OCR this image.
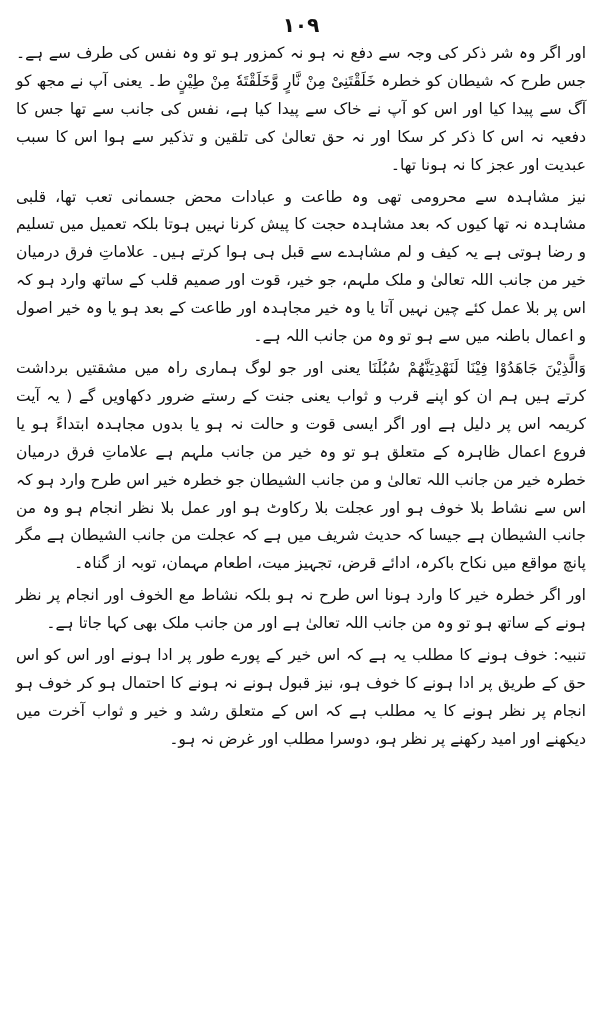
۱۰۹

اور اگر وہ شر ذکر کی وجہ سے دفع نہ ہو نہ کمزور ہو تو وہ نفس کی طرف سے ہے۔ جس طرح کہ شیطان کو خطرہ خَلَقْتَنِیْ مِنْ نَّارٍ وَّخَلَقْتَهٗ مِنْ طِیْنٍ ط۔ یعنی آپ نے مجھ کو آگ سے پیدا کیا اور اس کو آپ نے خاک سے پیدا کیا ہے، نفس کی جانب سے تھا جس کا دفعیہ نہ اس کا ذکر کر سکا اور نہ حق تعالیٰ کی تلقین و تذکیر سے ہوا اس کا سبب عبدیت اور عجز کا نہ ہونا تھا۔

نیز مشاہدہ سے محرومی تھی وہ طاعت و عبادات محض جسمانی تعب تھا، قلبی مشاہدہ نہ تھا کیوں کہ بعد مشاہدہ حجت کا پیش کرنا نہیں ہوتا بلکہ تعمیل میں تسلیم و رضا ہوتی ہے یہ کیف و لم مشاہدے سے قبل ہی ہوا کرتے ہیں۔ علاماتِ فرق درمیان خیر من جانب اللہ تعالیٰ و ملک ملہم، جو خیر، قوت اور صمیم قلب کے ساتھ وارد ہو کہ اس پر بلا عمل کئے چین نہیں آتا یا وہ خیر مجاہدہ اور طاعت کے بعد ہو یا وہ خیر اصول و اعمال باطنہ میں سے ہو تو وہ من جانب اللہ ہے۔

وَالَّذِیْنَ جَاهَدُوْا فِیْنَا لَنَهْدِیَنَّهُمْ سُبُلَنَا یعنی اور جو لوگ ہماری راہ میں مشقتیں برداشت کرتے ہیں ہم ان کو اپنے قرب و ثواب یعنی جنت کے رستے ضرور دکھاویں گے ( یہ آیت کریمہ اس پر دلیل ہے اور اگر ایسی قوت و حالت نہ ہو یا بدوں مجاہدہ ابتداءً ہو یا فروع اعمال ظاہرہ کے متعلق ہو تو وہ خیر من جانب ملہم ہے علاماتِ فرق درمیان خطرہ خیر من جانب اللہ تعالیٰ و من جانب الشیطان جو خطرہ خیر اس طرح وارد ہو کہ اس سے نشاط بلا خوف ہو اور عجلت بلا رکاوٹ ہو اور عمل بلا نظر انجام ہو وہ من جانب الشیطان ہے جیسا کہ حدیث شریف میں ہے کہ عجلت من جانب الشیطان ہے مگر پانچ مواقع میں نکاح باکرہ، ادائے قرض، تجہیز میت، اطعام مہمان، توبہ از گناہ۔

اور اگر خطرہ خیر کا وارد ہونا اس طرح نہ ہو بلکہ نشاط مع الخوف اور انجام پر نظر ہونے کے ساتھ ہو تو وہ من جانب اللہ تعالیٰ ہے اور من جانب ملک بھی کہا جاتا ہے۔

تنبیہ: خوف ہونے کا مطلب یہ ہے کہ اس خیر کے پورے طور پر ادا ہونے اور اس کو اس حق کے طریق پر ادا ہونے کا خوف ہو، نیز قبول ہونے نہ ہونے کا احتمال ہو کر خوف ہو انجام پر نظر ہونے کا یہ مطلب ہے کہ اس کے متعلق رشد و خیر و ثواب آخرت میں دیکھنے اور امید رکھنے پر نظر ہو، دوسرا مطلب اور غرض نہ ہو۔
